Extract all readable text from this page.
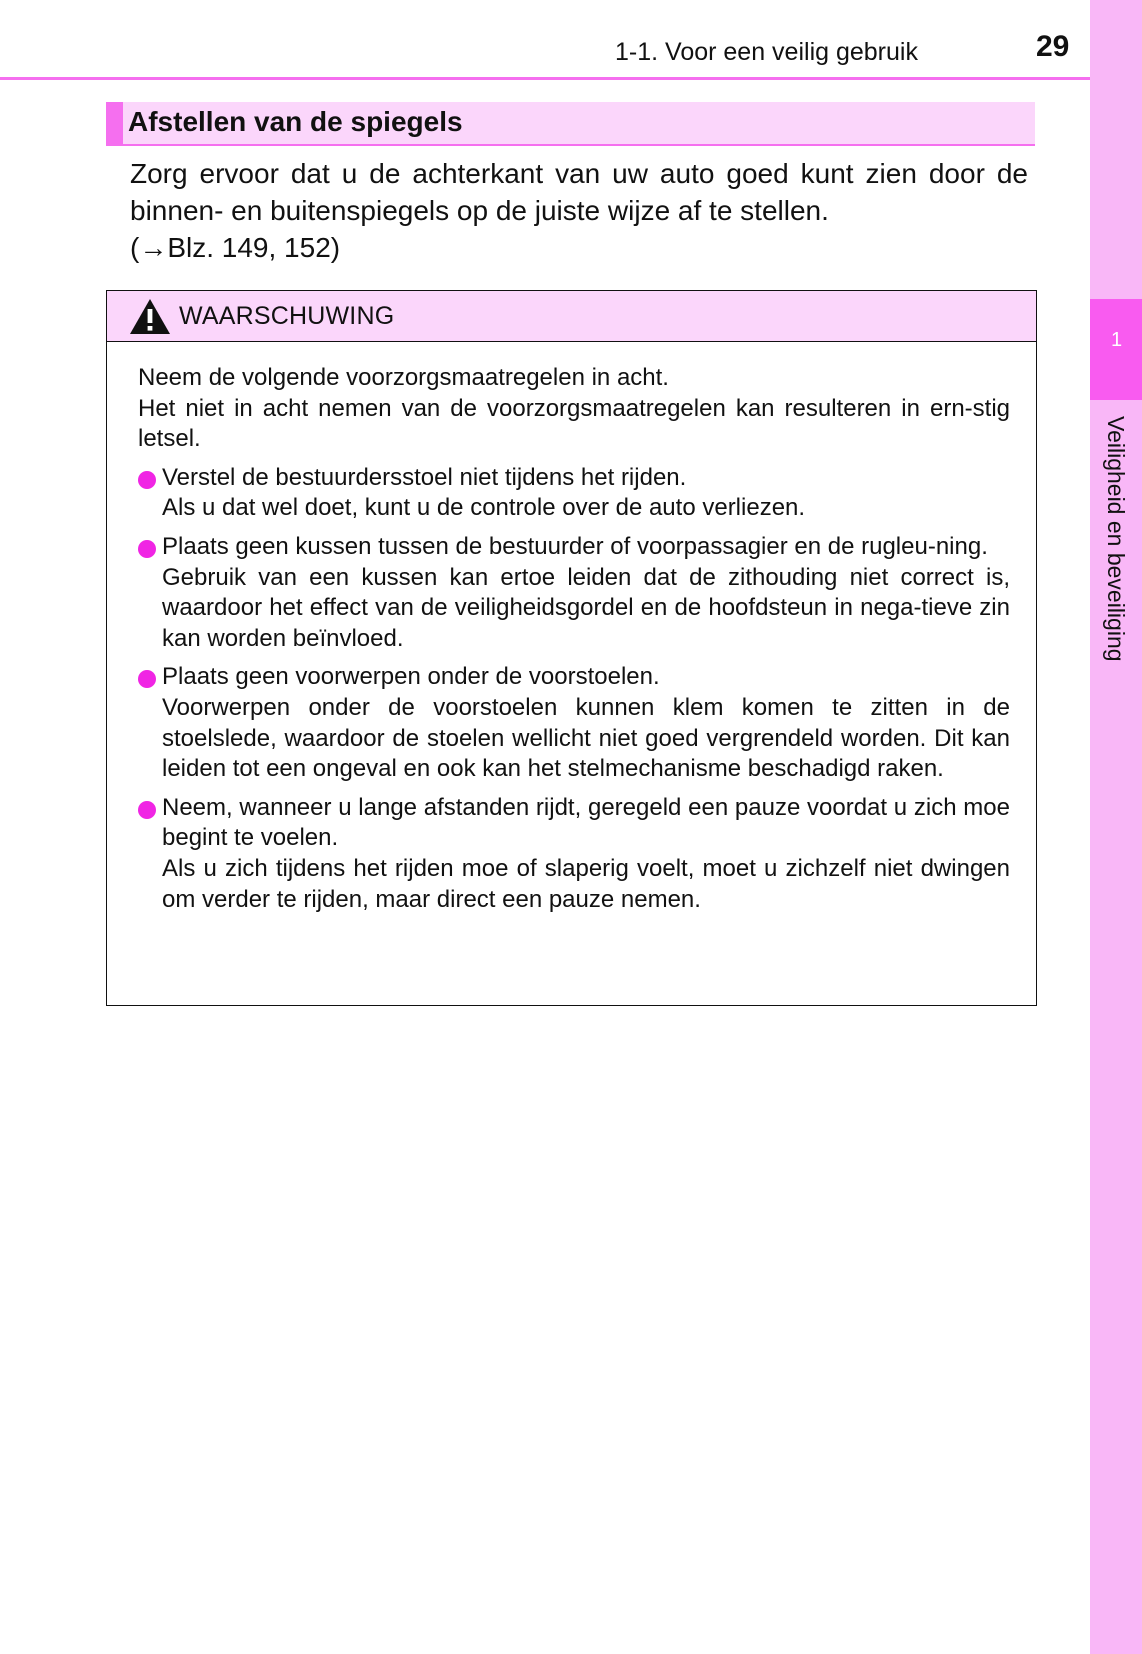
1
Veiligheid en beveiliging
1-1. Voor een veilig gebruik	29
Afstellen van de spiegels

Zorg ervoor dat u de achterkant van uw auto goed kunt zien door de binnen- en buitenspiegels op de juiste wijze af te stellen.

(→Blz. 149, 152)

WAARSCHUWING

Neem de volgende voorzorgsmaatregelen in acht.

Het niet in acht nemen van de voorzorgsmaatregelen kan resulteren in ern-stig letsel.

Verstel de bestuurdersstoel niet tijdens het rijden.
Als u dat wel doet, kunt u de controle over de auto verliezen.
Plaats geen kussen tussen de bestuurder of voorpassagier en de rugleu-ning.
Gebruik van een kussen kan ertoe leiden dat de zithouding niet correct is, waardoor het effect van de veiligheidsgordel en de hoofdsteun in nega-tieve zin kan worden beïnvloed.
Plaats geen voorwerpen onder de voorstoelen.
Voorwerpen onder de voorstoelen kunnen klem komen te zitten in de stoelslede, waardoor de stoelen wellicht niet goed vergrendeld worden. Dit kan leiden tot een ongeval en ook kan het stelmechanisme beschadigd raken.
Neem, wanneer u lange afstanden rijdt, geregeld een pauze voordat u zich moe begint te voelen.
Als u zich tijdens het rijden moe of slaperig voelt, moet u zichzelf niet dwingen om verder te rijden, maar direct een pauze nemen.
